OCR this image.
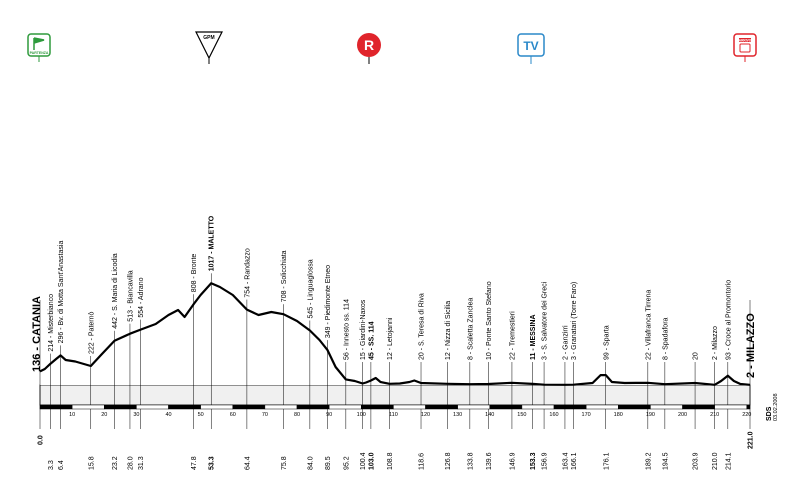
10	20	30	40	50	60	70	80	90	100	110	120	130	140	150	160	170	180	190	200	210	220
214 - Misterbianco 296 - Bv. di Motta Sant'Anastasia	222 - Paternò
442 - S. Maria di Licodia 513 - Biancavilla 554 - Adrano
808 - Bronte
1017 - MALETTO
754 - Randazzo	708 - Solicchiata	545 - Linguaglossa 349 - Piedimonte Etneo 56 - Innesto ss. 114 15 - Giardini-Naxos 45 - SS. 114 12 - Letojanni	20 - S. Teresa di Riva	12 - Nizza di Sicilia 8 - Scaletta Zanclea 10 - Ponte Santo Stefano 22 - Tremestieri 11 - MESSINA 3 - S. Salvatore dei Greci 2 - Ganzirri 3 - Granatari (Torre Faro)	99 - Sparta	22 - Villafranca Tirrena 8 - Spadafora	20 2 - Milazzo 93 - Croce al Promontorio
3.3 6.4	15.8 23.2 28.0 31.3	47.8 53.3	64.4	75.8	84.0 89.5 95.2 100.4 103.0 108.8	118.6	126.8 133.8 139.6 146.9 153.3 156.9 163.4 166.1	176.1	189.2 194.5	203.9 210.0 214.1
136 - CATANIA	2 - MILAZZO
0.0	221.0
PARTENZA
GPM	R	TV	ARRIVO
SDS 03.02.2008
